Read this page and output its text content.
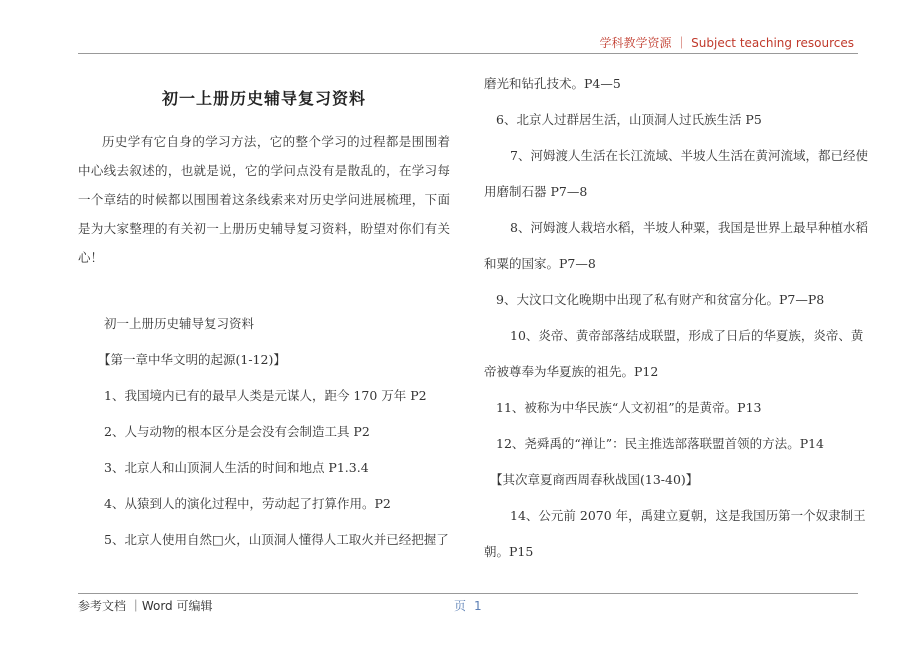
学科教学资源 ｜ Subject teaching resources
初一上册历史辅导复习资料

历史学有它自身的学习方法，它的整个学习的过程都是围围着中心线去叙述的，也就是说，它的学问点没有是散乱的，在学习每一个章结的时候都以围围着这条线索来对历史学问进展梳理，下面是为大家整理的有关初一上册历史辅导复习资料，盼望对你们有关心！

初一上册历史辅导复习资料

【第一章中华文明的起源(1-12)】

1、我国境内已有的最早人类是元谋人，距今 170 万年 P2

2、人与动物的根本区分是会没有会制造工具 P2

3、北京人和山顶洞人生活的时间和地点 P1.3.4

4、从猿到人的演化过程中，劳动起了打算作用。P2

5、北京人使用自然□火，山顶洞人懂得人工取火并已经把握了

磨光和钻孔技术。P4—5

6、北京人过群居生活，山顶洞人过氏族生活 P5

7、河姆渡人生活在长江流域、半坡人生活在黄河流域，都已经使用磨制石器 P7—8

8、河姆渡人栽培水稻，半坡人种粟，我国是世界上最早种植水稻和粟的国家。P7—8

9、大汶口文化晚期中出现了私有财产和贫富分化。P7—P8

10、炎帝、黄帝部落结成联盟，形成了日后的华夏族，炎帝、黄帝被尊奉为华夏族的祖先。P12

11、被称为中华民族“人文初祖”的是黄帝。P13

12、尧舜禹的“禅让”：民主推选部落联盟首领的方法。P14

【其次章夏商西周春秋战国(13-40)】

14、公元前 2070 年，禹建立夏朝，这是我国历第一个奴隶制王朝。P15

参考文档 ｜Word 可编辑	页 1
